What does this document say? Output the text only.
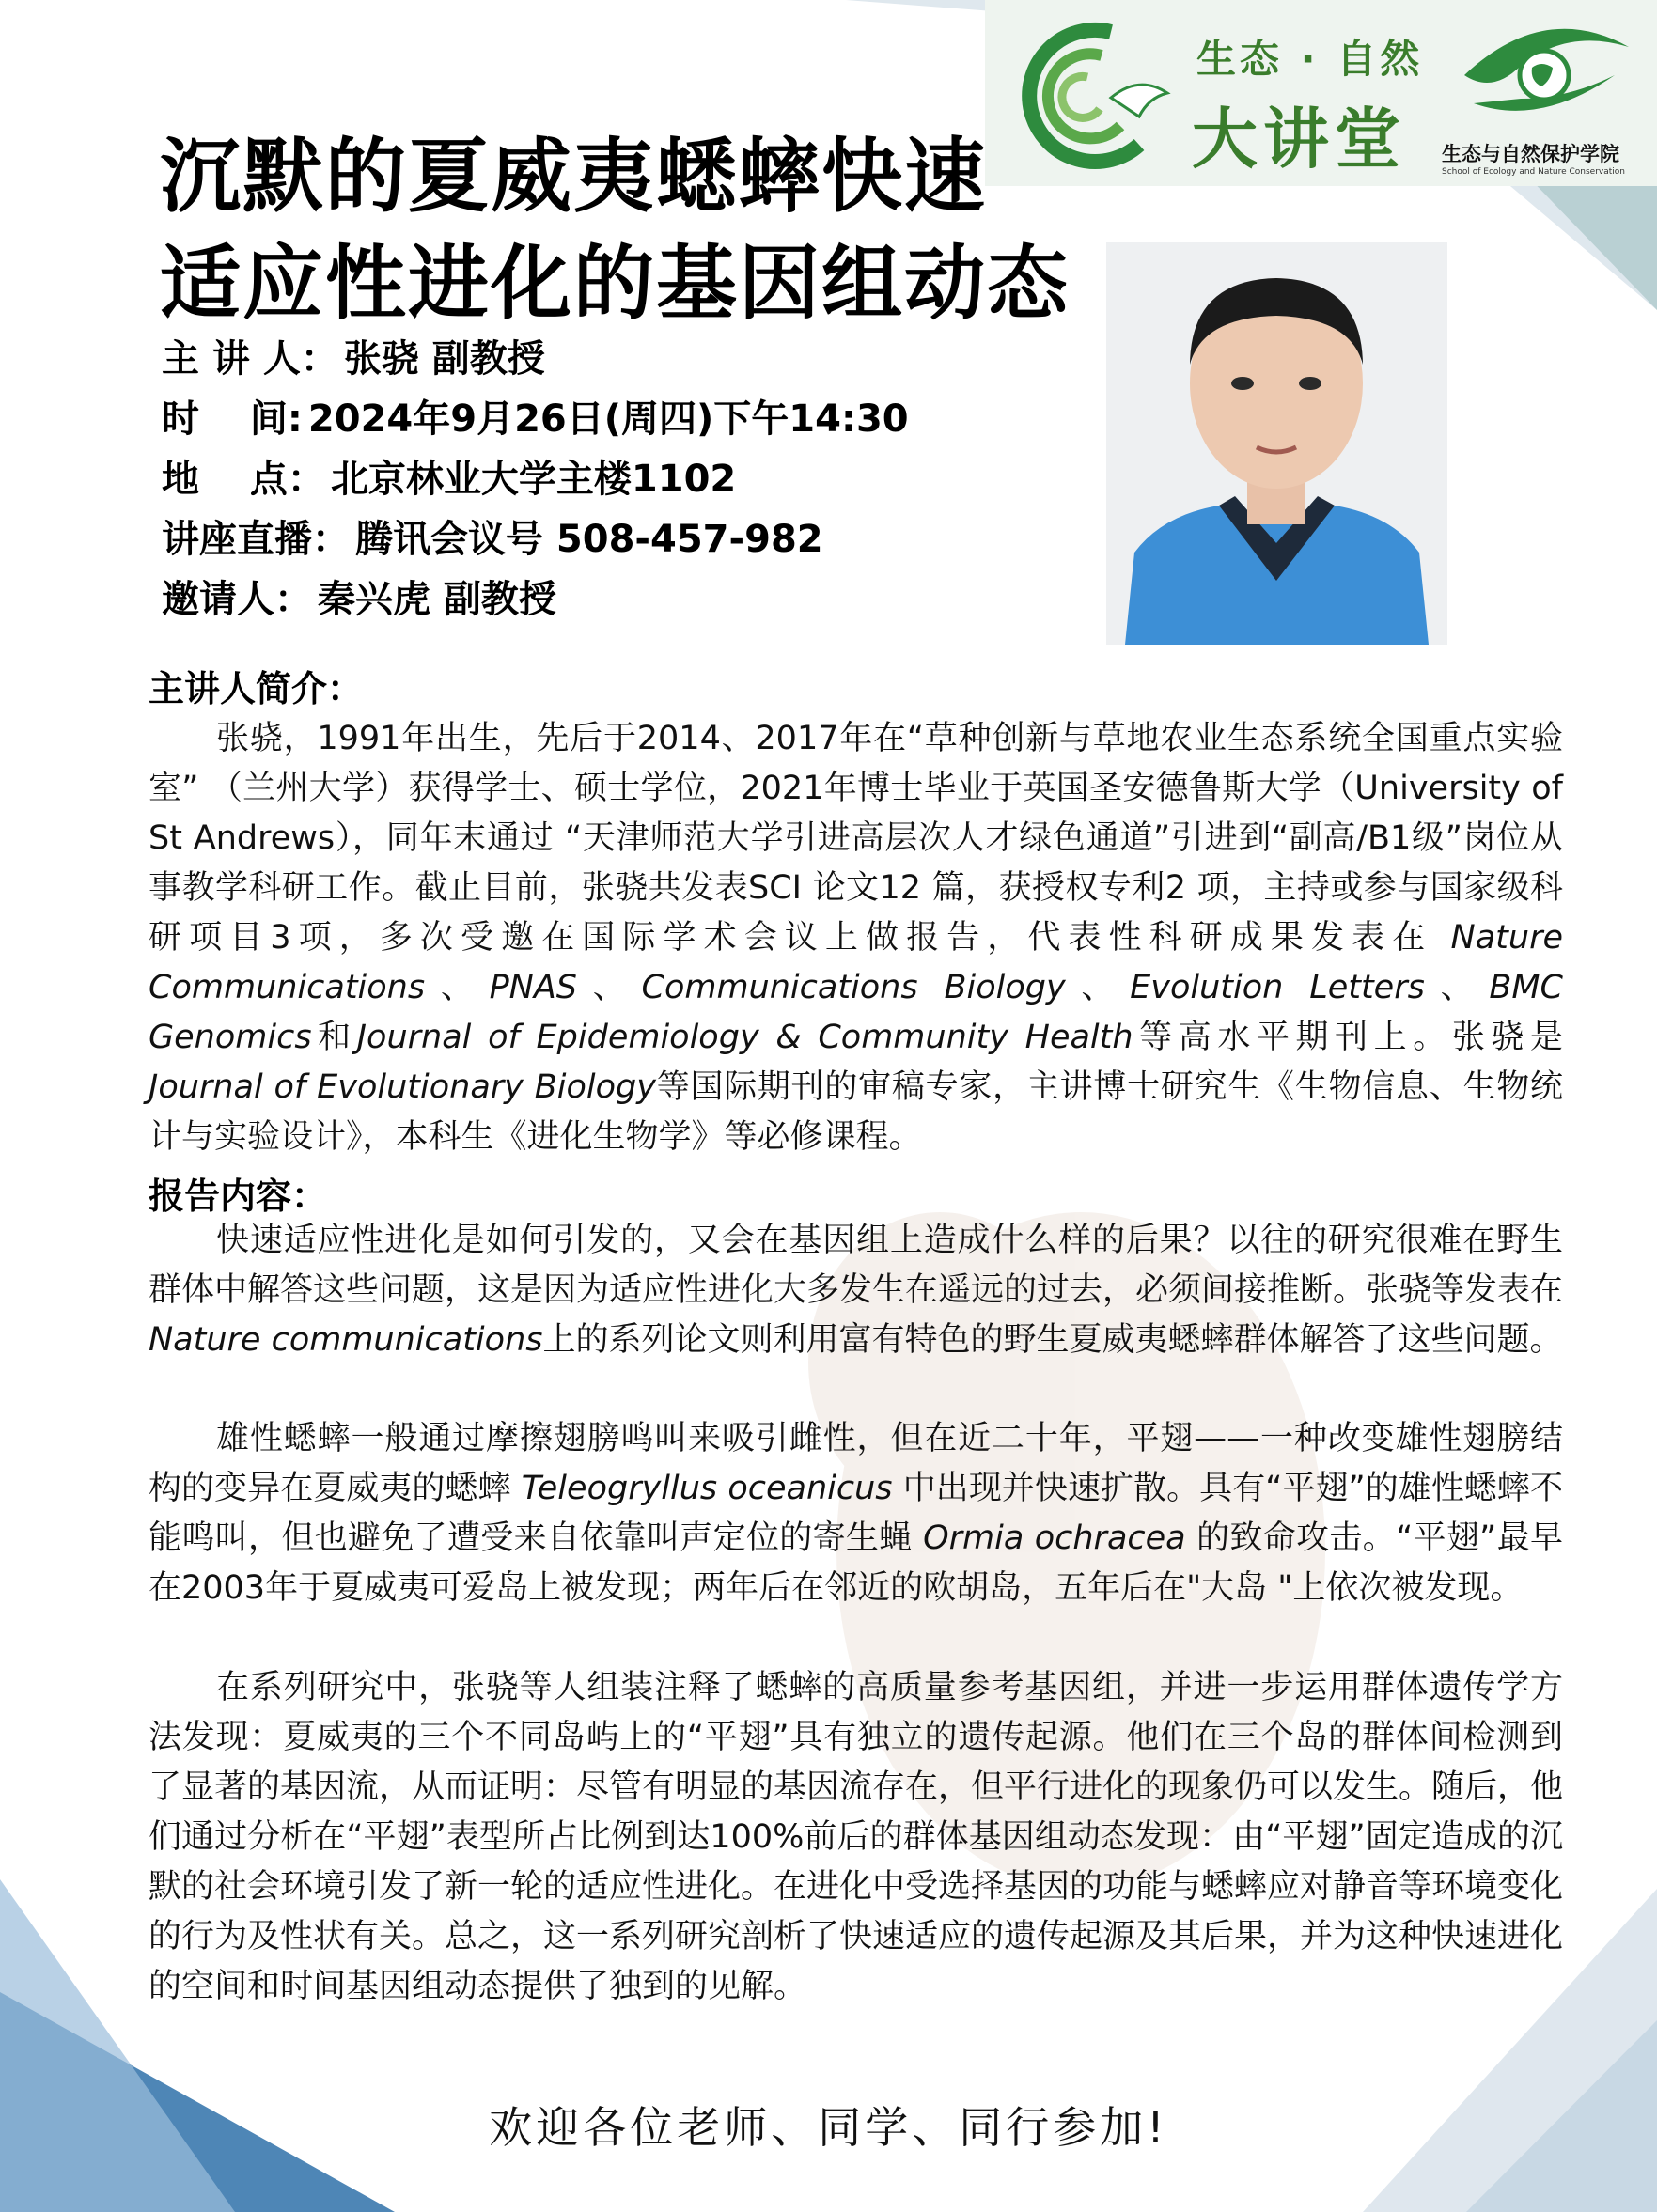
生态 · 自然
大讲堂 生态与自然保护学院
School of Ecology and Nature Conservation
沉默的夏威夷蟋蟀快速
适应性进化的基因组动态
主 讲 人： 张骁 副教授
时　 间: 2024年9月26日(周四)下午14:30
地　 点： 北京林业大学主楼1102
讲座直播： 腾讯会议号 508-457-982
邀请人： 秦兴虎 副教授
主讲人简介：
张骁，1991年出生，先后于2014、2017年在“草种创新与草地农业生态系统全国重点实验室” （兰州大学）获得学士、硕士学位，2021年博士毕业于英国圣安德鲁斯大学（University of St Andrews），同年末通过 “天津师范大学引进高层次人才绿色通道”引进到“副高/B1级”岗位从事教学科研工作。截止目前，张骁共发表SCI 论文12 篇，获授权专利2 项，主持或参与国家级科研项目3项，多次受邀在国际学术会议上做报告，代表性科研成果发表在 Nature Communications、PNAS、Communications Biology、Evolution Letters、BMC Genomics和Journal of Epidemiology & Community Health等高水平期刊上。张骁是Journal of Evolutionary Biology等国际期刊的审稿专家，主讲博士研究生《生物信息、生物统计与实验设计》，本科生《进化生物学》等必修课程。
报告内容：
快速适应性进化是如何引发的，又会在基因组上造成什么样的后果？以往的研究很难在野生群体中解答这些问题，这是因为适应性进化大多发生在遥远的过去，必须间接推断。张骁等发表在Nature communications上的系列论文则利用富有特色的野生夏威夷蟋蟀群体解答了这些问题。
雄性蟋蟀一般通过摩擦翅膀鸣叫来吸引雌性，但在近二十年，平翅——一种改变雄性翅膀结构的变异在夏威夷的蟋蟀 Teleogryllus oceanicus 中出现并快速扩散。具有“平翅”的雄性蟋蟀不能鸣叫，但也避免了遭受来自依靠叫声定位的寄生蝇 Ormia ochracea 的致命攻击。“平翅”最早在2003年于夏威夷可爱岛上被发现；两年后在邻近的欧胡岛，五年后在"大岛 "上依次被发现。
在系列研究中，张骁等人组装注释了蟋蟀的高质量参考基因组，并进一步运用群体遗传学方法发现：夏威夷的三个不同岛屿上的“平翅”具有独立的遗传起源。他们在三个岛的群体间检测到了显著的基因流，从而证明：尽管有明显的基因流存在，但平行进化的现象仍可以发生。随后，他们通过分析在“平翅”表型所占比例到达100%前后的群体基因组动态发现：由“平翅”固定造成的沉默的社会环境引发了新一轮的适应性进化。在进化中受选择基因的功能与蟋蟀应对静音等环境变化的行为及性状有关。总之，这一系列研究剖析了快速适应的遗传起源及其后果，并为这种快速进化的空间和时间基因组动态提供了独到的见解。
欢迎各位老师、同学、同行参加!
